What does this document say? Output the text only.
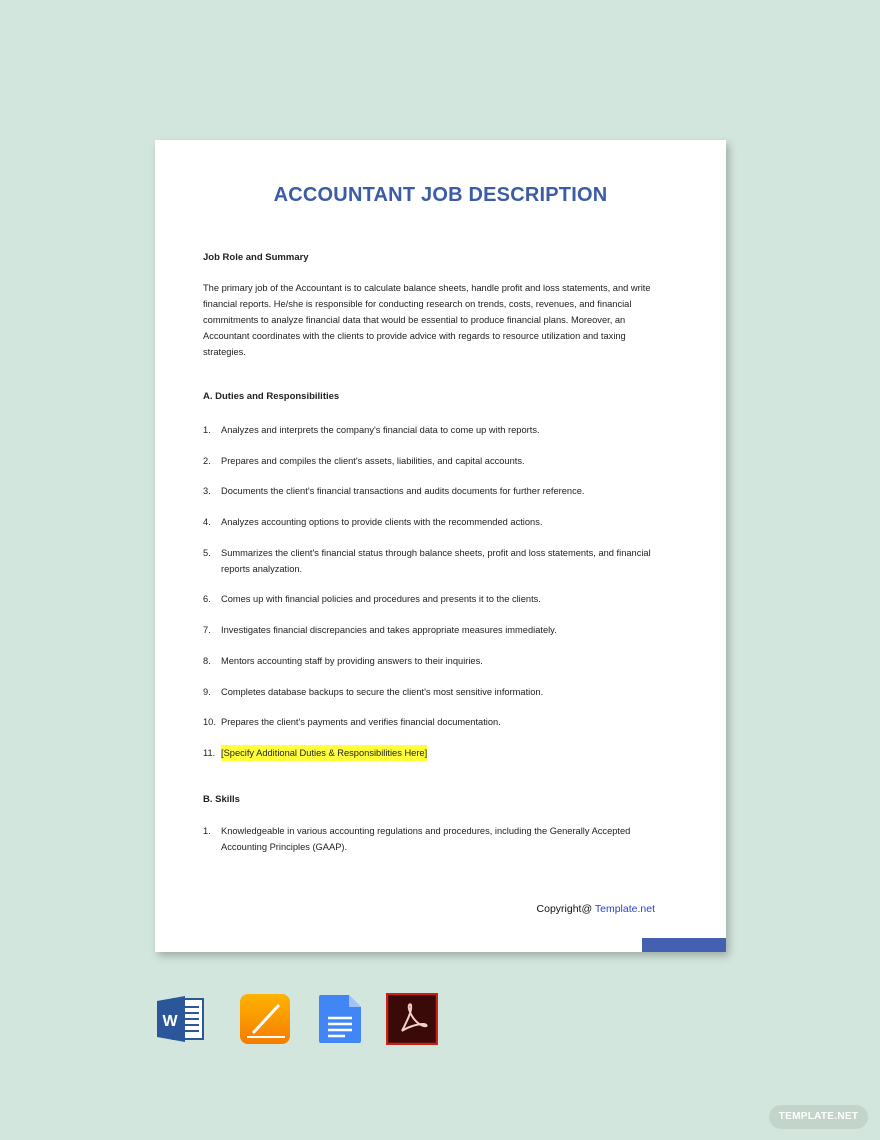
ACCOUNTANT JOB DESCRIPTION
Job Role and Summary
The primary job of the Accountant is to calculate balance sheets, handle profit and loss statements, and write financial reports. He/she is responsible for conducting research on trends, costs, revenues, and financial commitments to analyze financial data that would be essential to produce financial plans. Moreover, an Accountant coordinates with the clients to provide advice with regards to resource utilization and taxing strategies.
A. Duties and Responsibilities
1.	Analyzes and interprets the company's financial data to come up with reports.
2.	Prepares and compiles the client's assets, liabilities, and capital accounts.
3.	Documents the client's financial transactions and audits documents for further reference.
4.	Analyzes accounting options to provide clients with the recommended actions.
5.	Summarizes the client's financial status through balance sheets, profit and loss statements, and financial reports analyzation.
6.	Comes up with financial policies and procedures and presents it to the clients.
7.	Investigates financial discrepancies and takes appropriate measures immediately.
8.	Mentors accounting staff by providing answers to their inquiries.
9.	Completes database backups to secure the client's most sensitive information.
10. Prepares the client's payments and verifies financial documentation.
11. [Specify Additional Duties & Responsibilities Here]
B. Skills
1.	Knowledgeable in various accounting regulations and procedures, including the Generally Accepted Accounting Principles (GAAP).
Copyright@ Template.net
W
TEMPLATE.NET
